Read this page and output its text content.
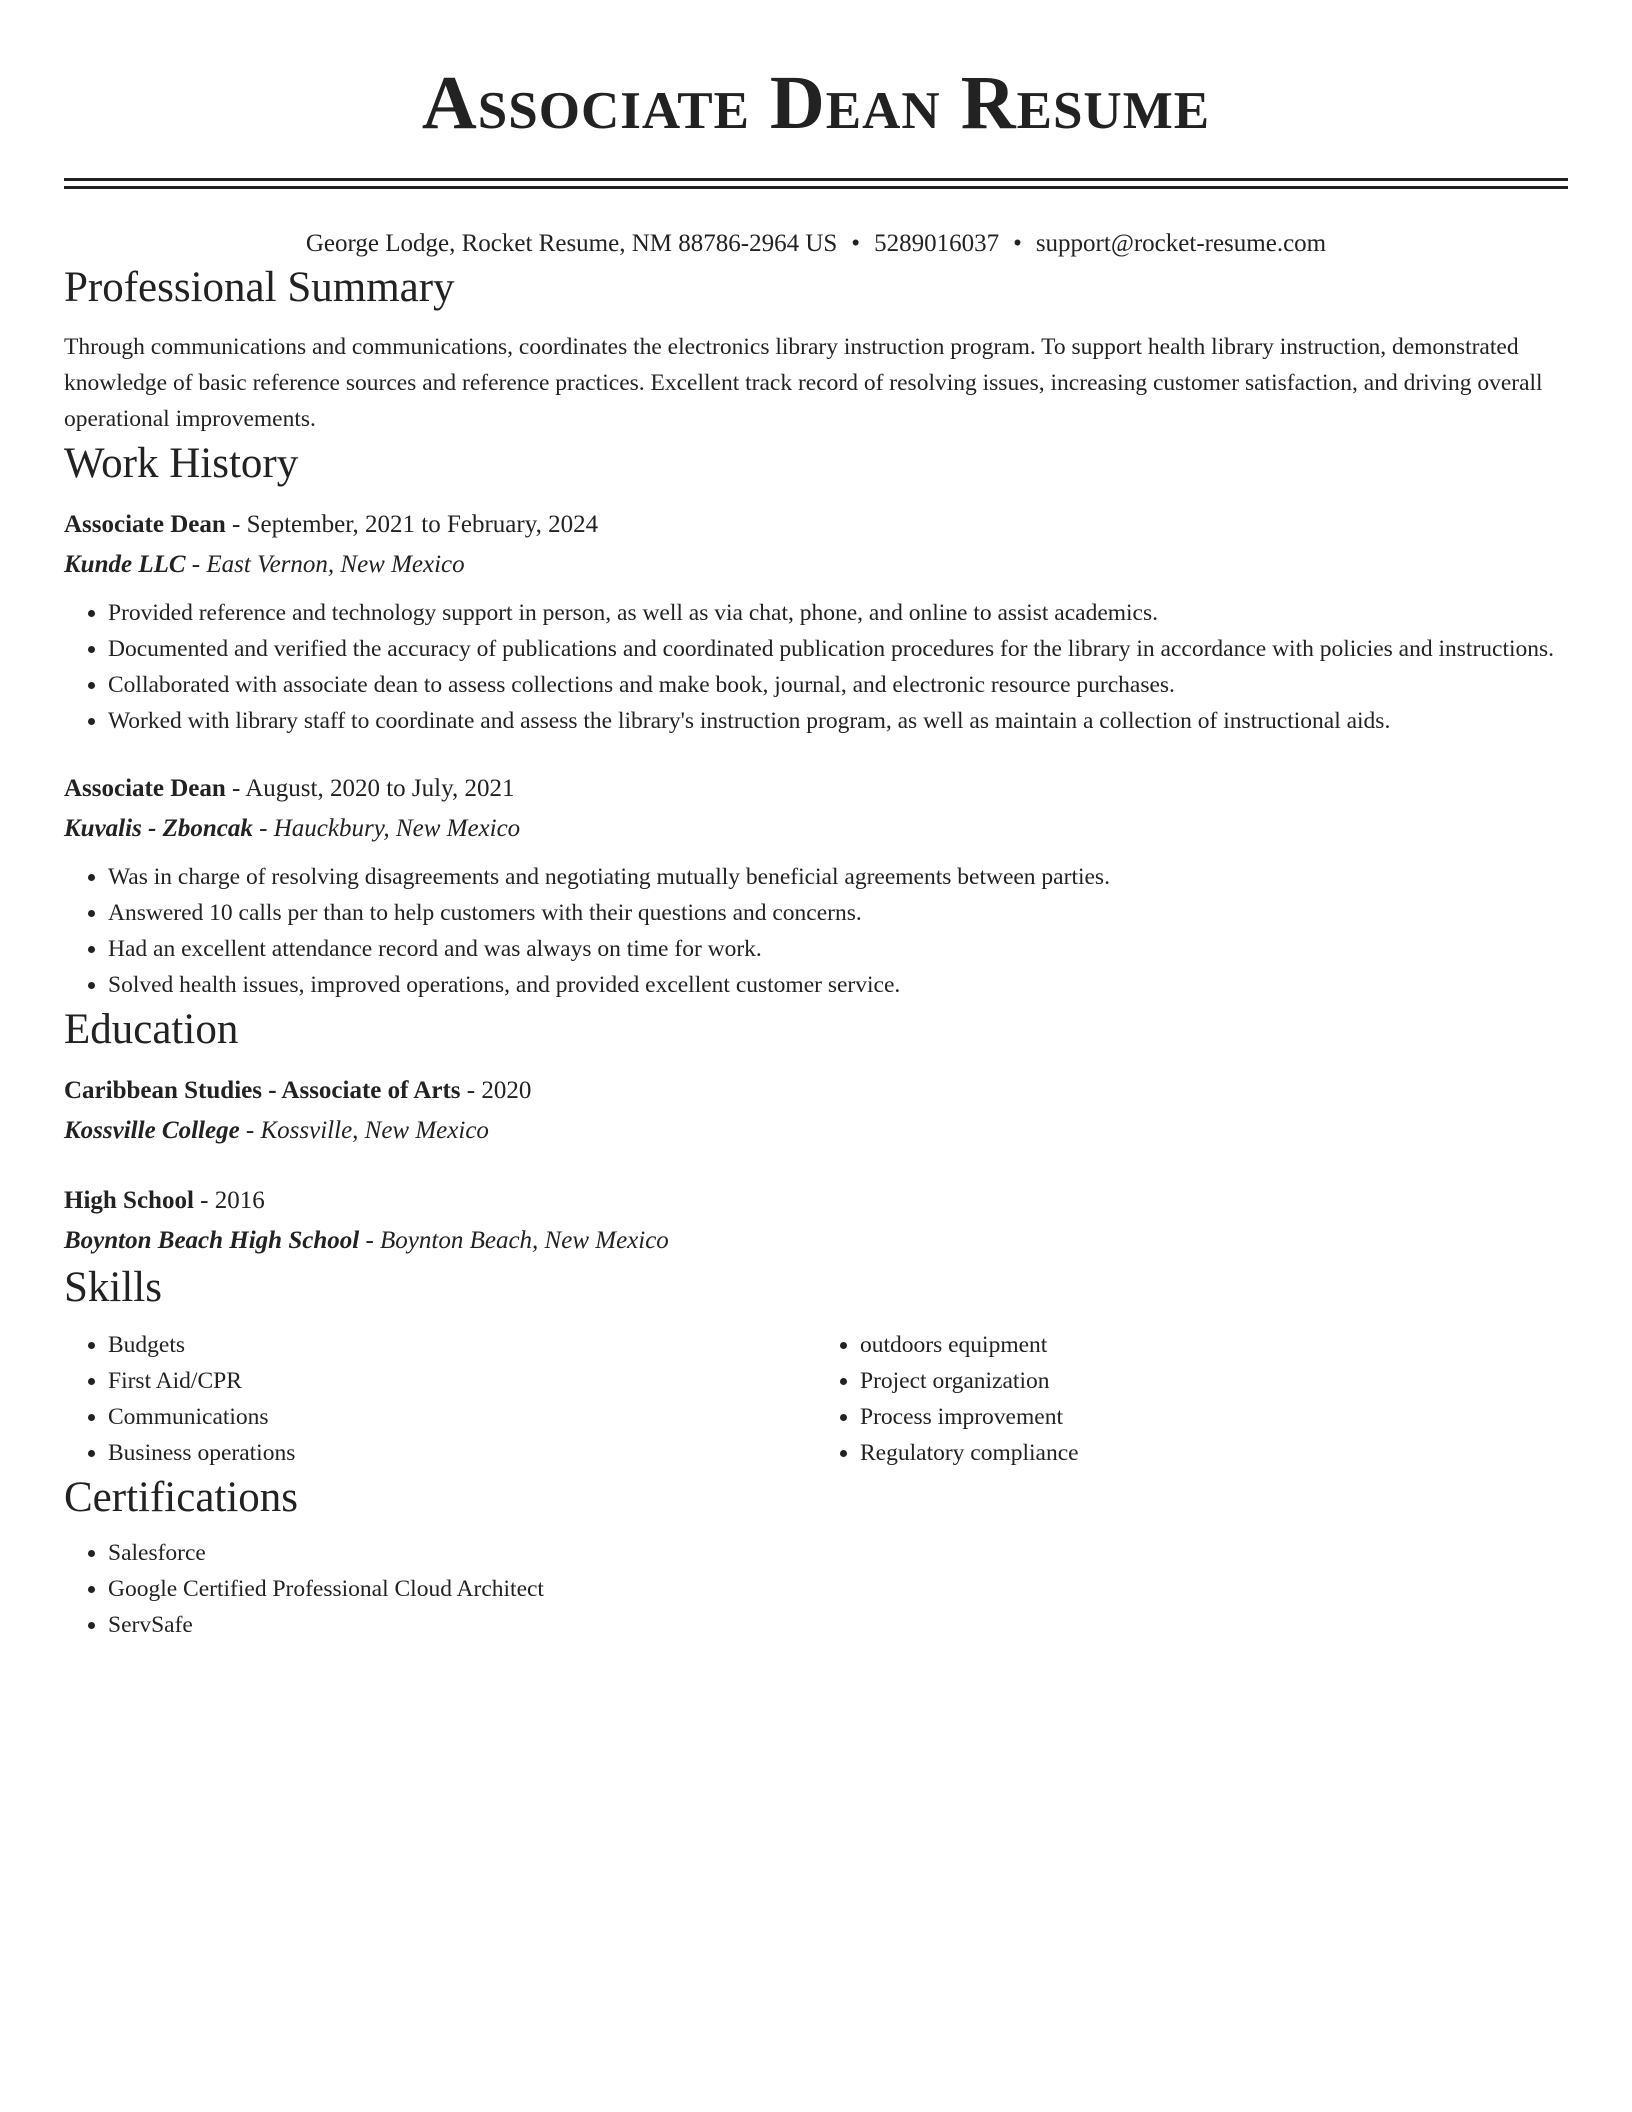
Associate Dean Resume
George Lodge, Rocket Resume, NM 88786-2964 US • 5289016037 • support@rocket-resume.com
Professional Summary

Through communications and communications, coordinates the electronics library instruction program. To support health library instruction, demonstrated knowledge of basic reference sources and reference practices. Excellent track record of resolving issues, increasing customer satisfaction, and driving overall operational improvements.

Work History
Associate Dean - September, 2021 to February, 2024
Kunde LLC - East Vernon, New Mexico
• Provided reference and technology support in person, as well as via chat, phone, and online to assist academics.
• Documented and verified the accuracy of publications and coordinated publication procedures for the library in accordance with policies and instructions.
• Collaborated with associate dean to assess collections and make book, journal, and electronic resource purchases.
• Worked with library staff to coordinate and assess the library's instruction program, as well as maintain a collection of instructional aids.
Associate Dean - August, 2020 to July, 2021
Kuvalis - Zboncak - Hauckbury, New Mexico
• Was in charge of resolving disagreements and negotiating mutually beneficial agreements between parties.
• Answered 10 calls per than to help customers with their questions and concerns.
• Had an excellent attendance record and was always on time for work.
• Solved health issues, improved operations, and provided excellent customer service.
Education
Caribbean Studies - Associate of Arts - 2020
Kossville College - Kossville, New Mexico
High School - 2016
Boynton Beach High School - Boynton Beach, New Mexico
Skills
• Budgets
• First Aid/CPR
• Communications
• Business operations
• outdoors equipment
• Project organization
• Process improvement
• Regulatory compliance
Certifications
• Salesforce
• Google Certified Professional Cloud Architect
• ServSafe
